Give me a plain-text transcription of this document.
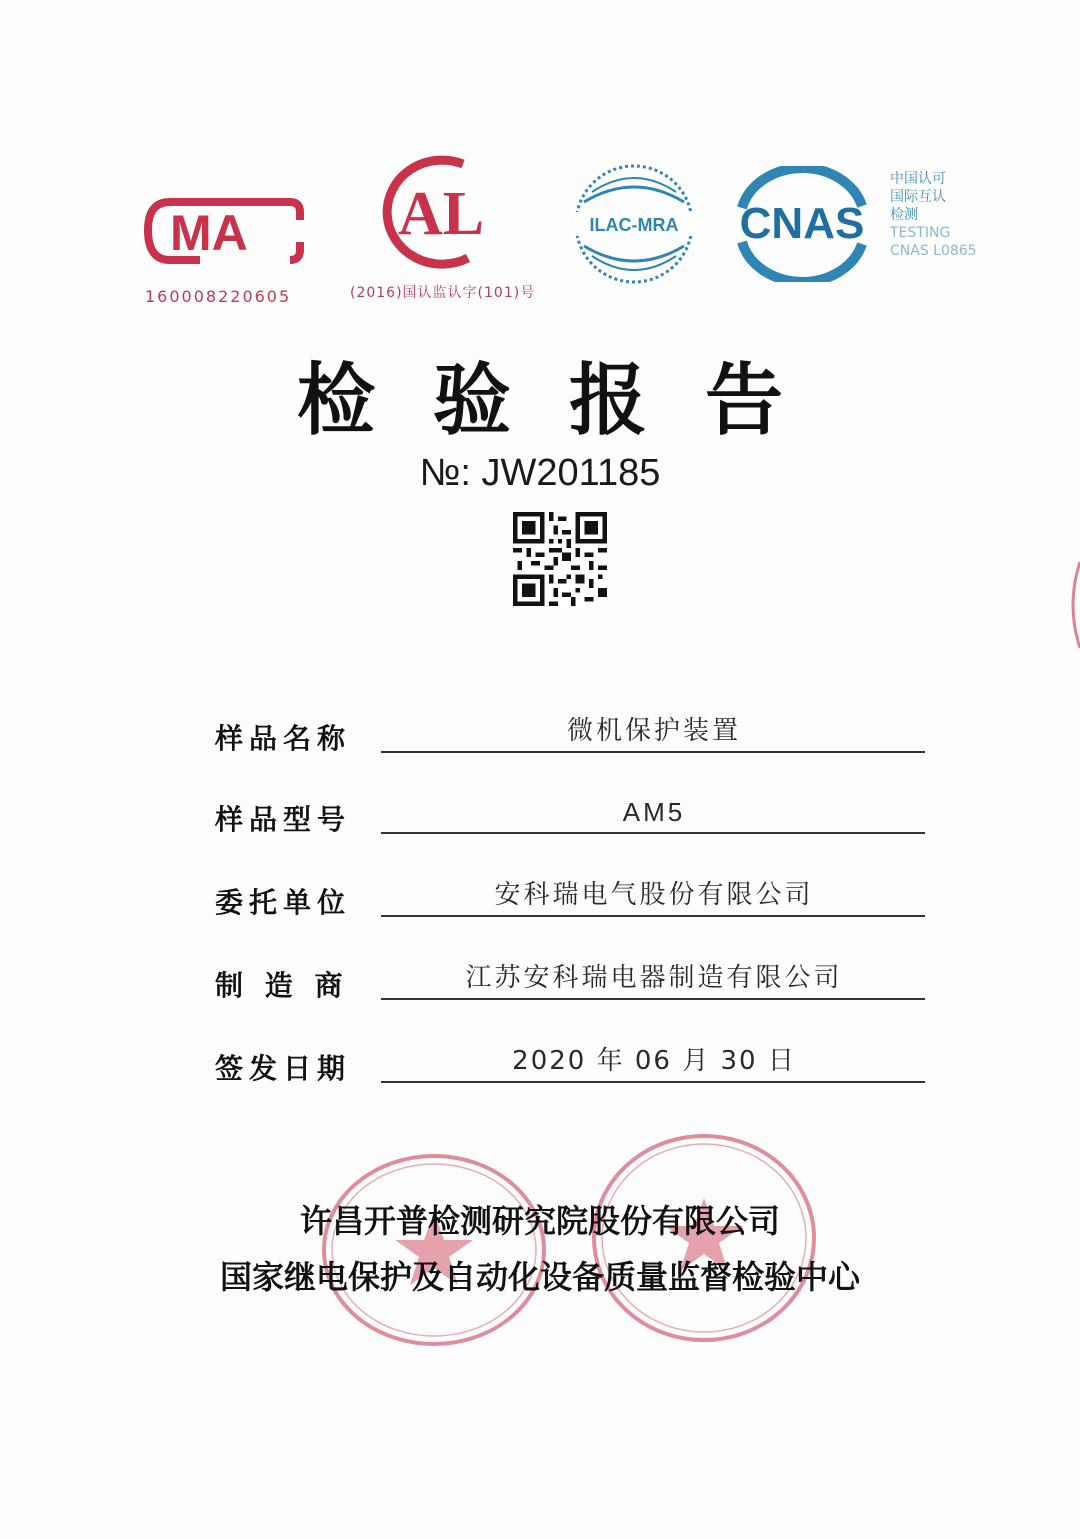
MA
160008220605
AL
(2016)国认监认字(101)号
ILAC-MRA CNAS
中国认可
国际互认
检测
TESTING
CNAS L0865
检验报告
№: JW201185
样品名称	微机保护装置
样品型号	AM5
委托单位	安科瑞电气股份有限公司
制 造 商	江苏安科瑞电器制造有限公司
签发日期	2020 年 06 月 30 日
许昌开普检测研究院股份有限公司
国家继电保护及自动化设备质量监督检验中心
